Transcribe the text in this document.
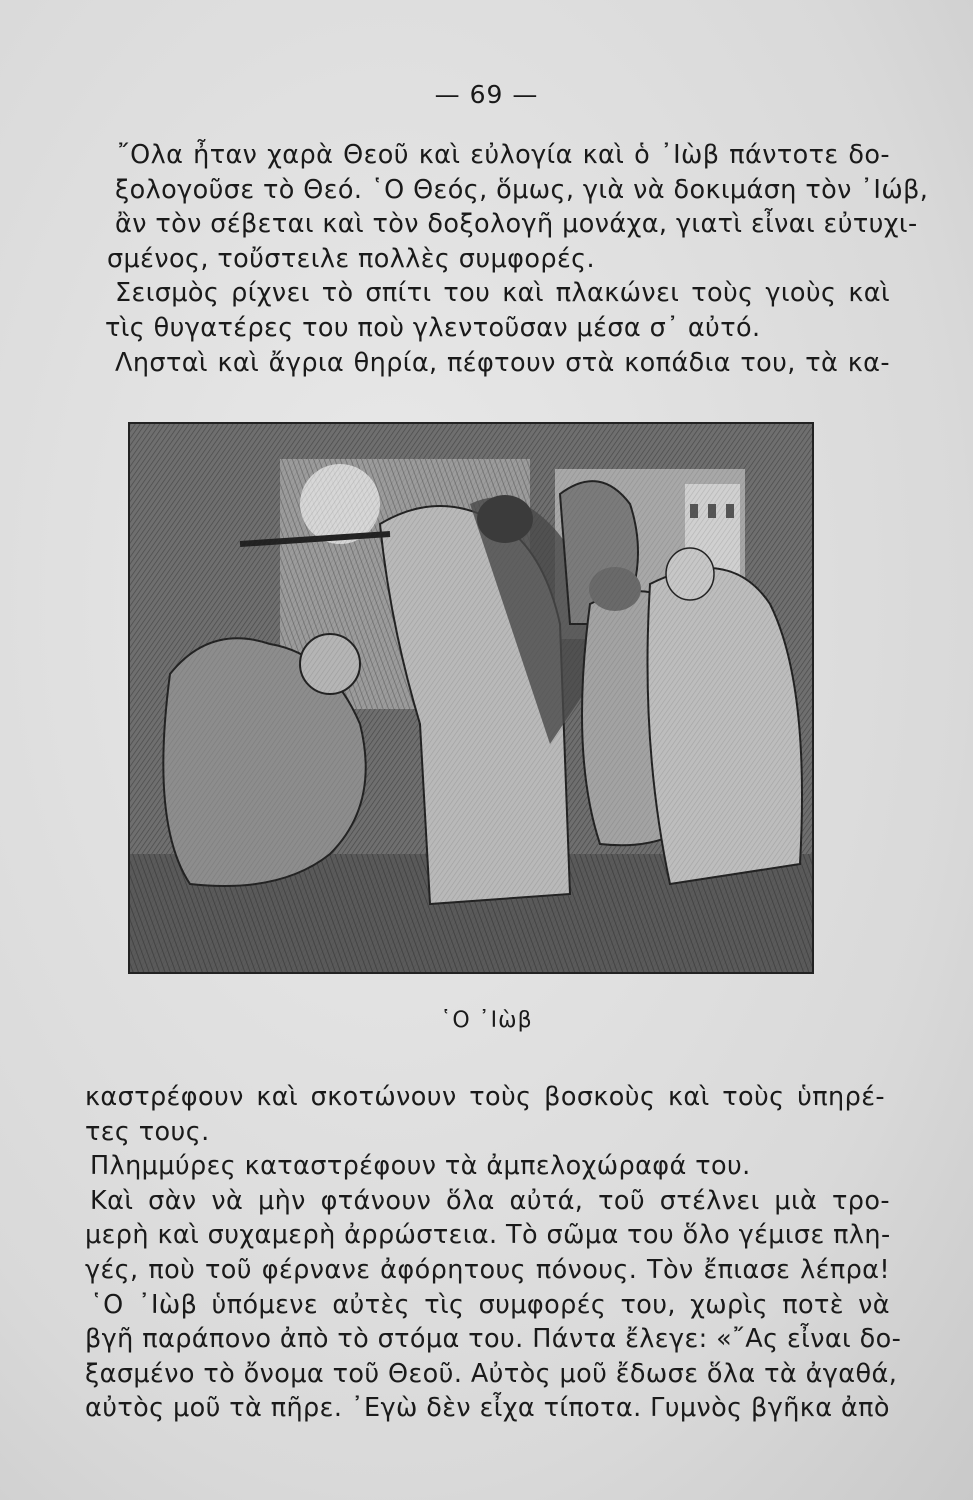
— 69 —
῎Ολα ἦταν χαρὰ Θεοῦ καὶ εὐλογία καὶ ὁ ᾿Ιὼβ πάντοτε δο-
ξολογοῦσε τὸ Θεό. ῾Ο Θεός, ὅμως, γιὰ νὰ δοκιμάση τὸν ᾿Ιώβ,
ἂν τὸν σέβεται καὶ τὸν δοξολογῆ μονάχα, γιατὶ εἶναι εὐτυχι-
σμένος, τοὔστειλε πολλὲς συμφορές.
Σεισμὸς ρίχνει τὸ σπίτι του καὶ πλακώνει τοὺς γιοὺς καὶ
τὶς θυγατέρες του ποὺ γλεντοῦσαν μέσα σ᾿ αὐτό.
Λησταὶ καὶ ἄγρια θηρία, πέφτουν στὰ κοπάδια του, τὰ κα-
῾Ο ᾿Ιὼβ
καστρέφουν καὶ σκοτώνουν τοὺς βοσκοὺς καὶ τοὺς ὑπηρέ-
τες τους.
Πλημμύρες καταστρέφουν τὰ ἀμπελοχώραφά του.
Καὶ σὰν νὰ μὴν φτάνουν ὅλα αὐτά, τοῦ στέλνει μιὰ τρο-
μερὴ καὶ συχαμερὴ ἀρρώστεια. Τὸ σῶμα του ὅλο γέμισε πλη-
γές, ποὺ τοῦ φέρνανε ἀφόρητους πόνους. Τὸν ἔπιασε λέπρα!
῾Ο ᾿Ιὼβ ὑπόμενε αὐτὲς τὶς συμφορές του, χωρὶς ποτὲ νὰ
βγῆ παράπονο ἀπὸ τὸ στόμα του. Πάντα ἔλεγε: «῎Ας εἶναι δο-
ξασμένο τὸ ὄνομα τοῦ Θεοῦ. Αὐτὸς μοῦ ἔδωσε ὅλα τὰ ἀγαθά,
αὐτὸς μοῦ τὰ πῆρε. ᾿Εγὼ δὲν εἶχα τίποτα. Γυμνὸς βγῆκα ἀπὸ
